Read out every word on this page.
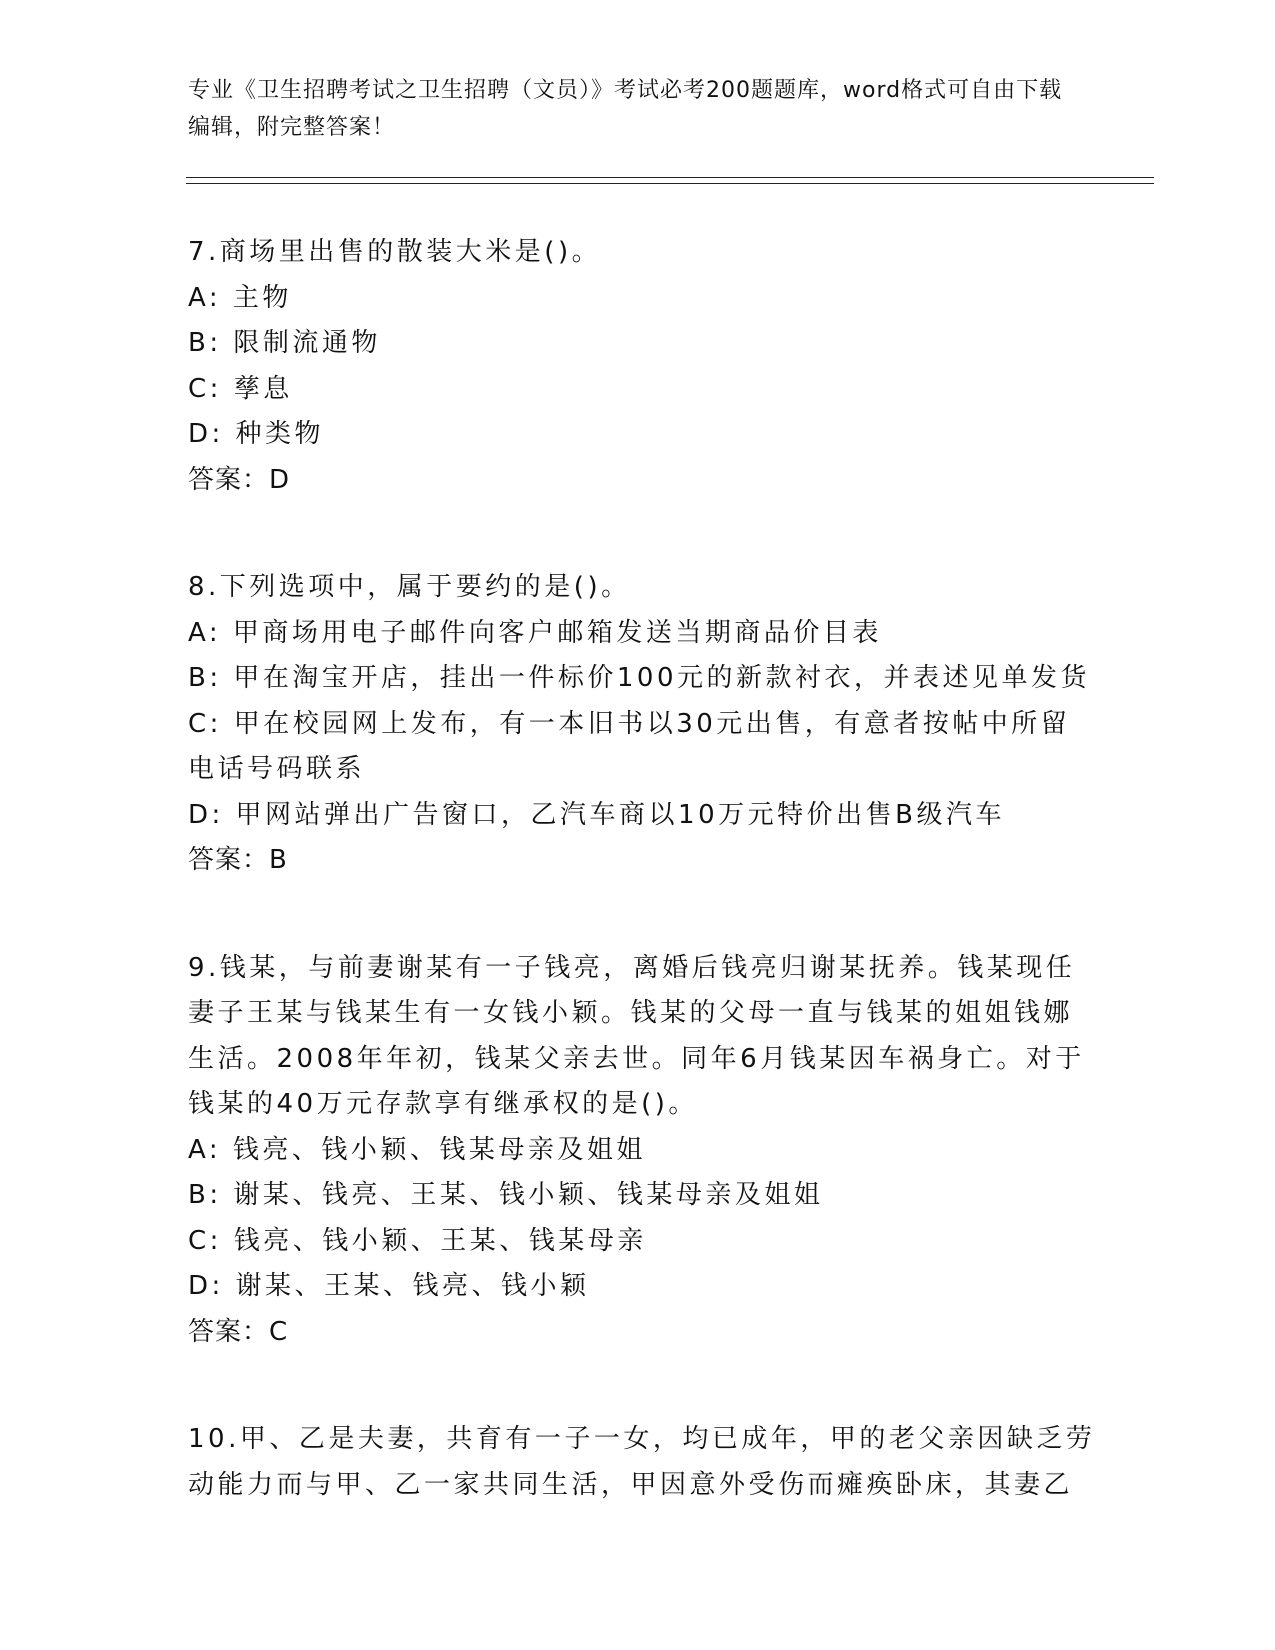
专业《卫生招聘考试之卫生招聘（文员）》考试必考200题题库，word格式可自由下载编辑，附完整答案！
7.商场里出售的散装大米是()。
A: 主物
B: 限制流通物
C: 孳息
D: 种类物
答案：D
8.下列选项中，属于要约的是()。
A: 甲商场用电子邮件向客户邮箱发送当期商品价目表
B: 甲在淘宝开店，挂出一件标价100元的新款衬衣，并表述见单发货
C: 甲在校园网上发布，有一本旧书以30元出售，有意者按帖中所留
电话号码联系
D: 甲网站弹出广告窗口，乙汽车商以10万元特价出售B级汽车
答案：B
9.钱某，与前妻谢某有一子钱亮，离婚后钱亮归谢某抚养。钱某现任
妻子王某与钱某生有一女钱小颖。钱某的父母一直与钱某的姐姐钱娜
生活。2008年年初，钱某父亲去世。同年6月钱某因车祸身亡。对于
钱某的40万元存款享有继承权的是()。
A: 钱亮、钱小颖、钱某母亲及姐姐
B: 谢某、钱亮、王某、钱小颖、钱某母亲及姐姐
C: 钱亮、钱小颖、王某、钱某母亲
D: 谢某、王某、钱亮、钱小颖
答案：C
10.甲、乙是夫妻，共育有一子一女，均已成年，甲的老父亲因缺乏劳
动能力而与甲、乙一家共同生活，甲因意外受伤而瘫痪卧床，其妻乙
